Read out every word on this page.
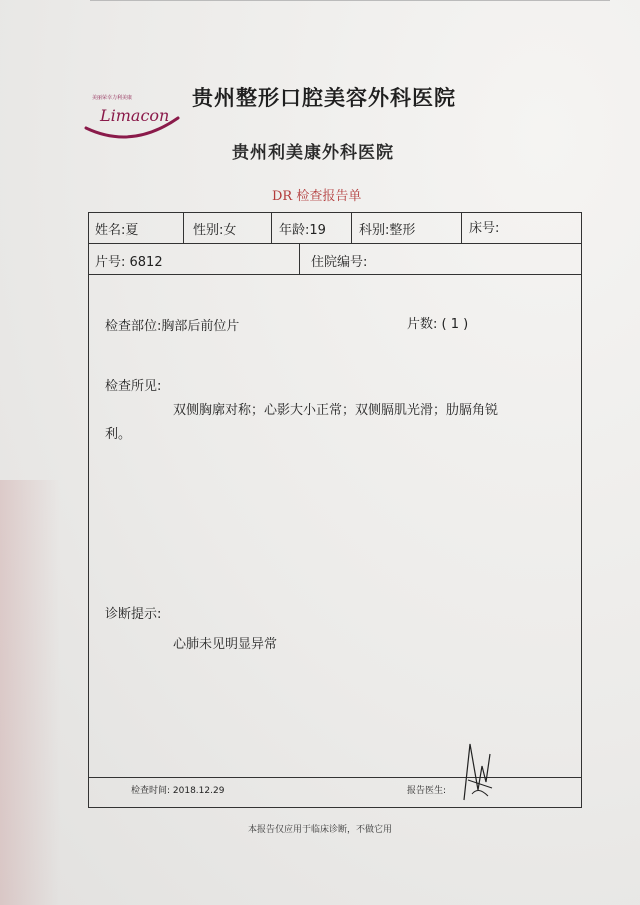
美丽荣幸力利美康
Limacon
贵州整形口腔美容外科医院
贵州利美康外科医院
DR 检查报告单
姓名:夏	性别:女	年龄:19	科别:整形	床号:
片号: 6812	住院编号:
检查部位:胸部后前位片	片数: ( 1 )
检查所见:
双侧胸廓对称；心影大小正常；双侧膈肌光滑；肋膈角锐
利。
诊断提示:
心肺未见明显异常
检查时间: 2018.12.29	报告医生:
本报告仅应用于临床诊断，不做它用
